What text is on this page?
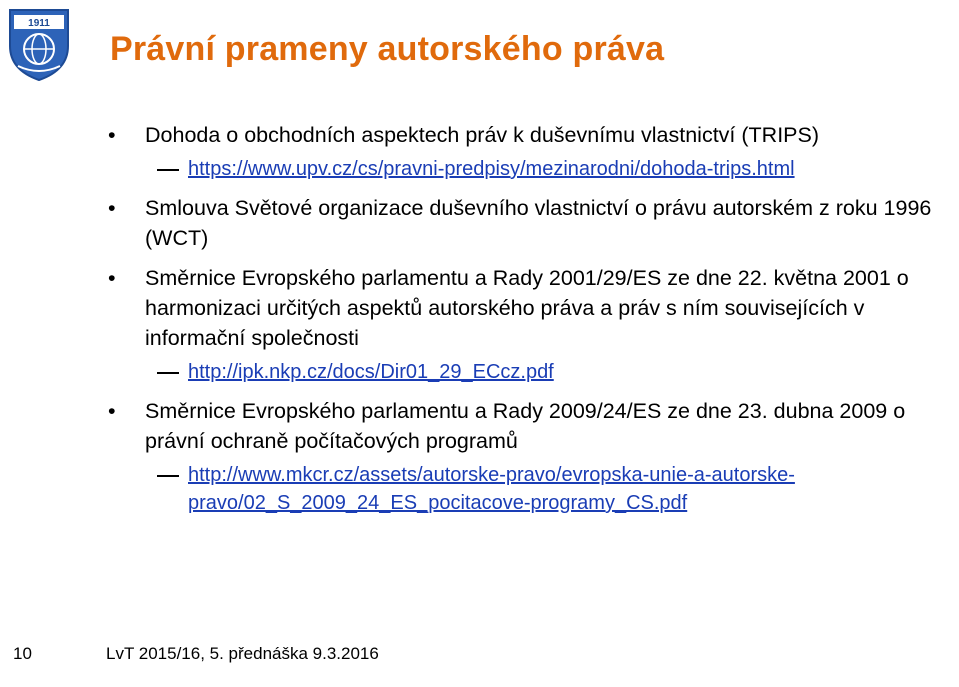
1911
Právní prameny autorského práva
• Dohoda o obchodních aspektech práv k duševnímu vlastnictví (TRIPS)
https://www.upv.cz/cs/pravni-predpisy/mezinarodni/dohoda-trips.html
• Smlouva Světové organizace duševního vlastnictví o právu autorském z roku 1996 (WCT)
• Směrnice Evropského parlamentu a Rady 2001/29/ES ze dne 22. května 2001 o harmonizaci určitých aspektů autorského práva a práv s ním souvisejících v informační společnosti
http://ipk.nkp.cz/docs/Dir01_29_ECcz.pdf
• Směrnice Evropského parlamentu a Rady 2009/24/ES ze dne 23. dubna 2009 o právní ochraně počítačových programů
http://www.mkcr.cz/assets/autorske-pravo/evropska-unie-a-autorske-pravo/02_S_2009_24_ES_pocitacove-programy_CS.pdf
10	LvT 2015/16, 5. přednáška 9.3.2016
